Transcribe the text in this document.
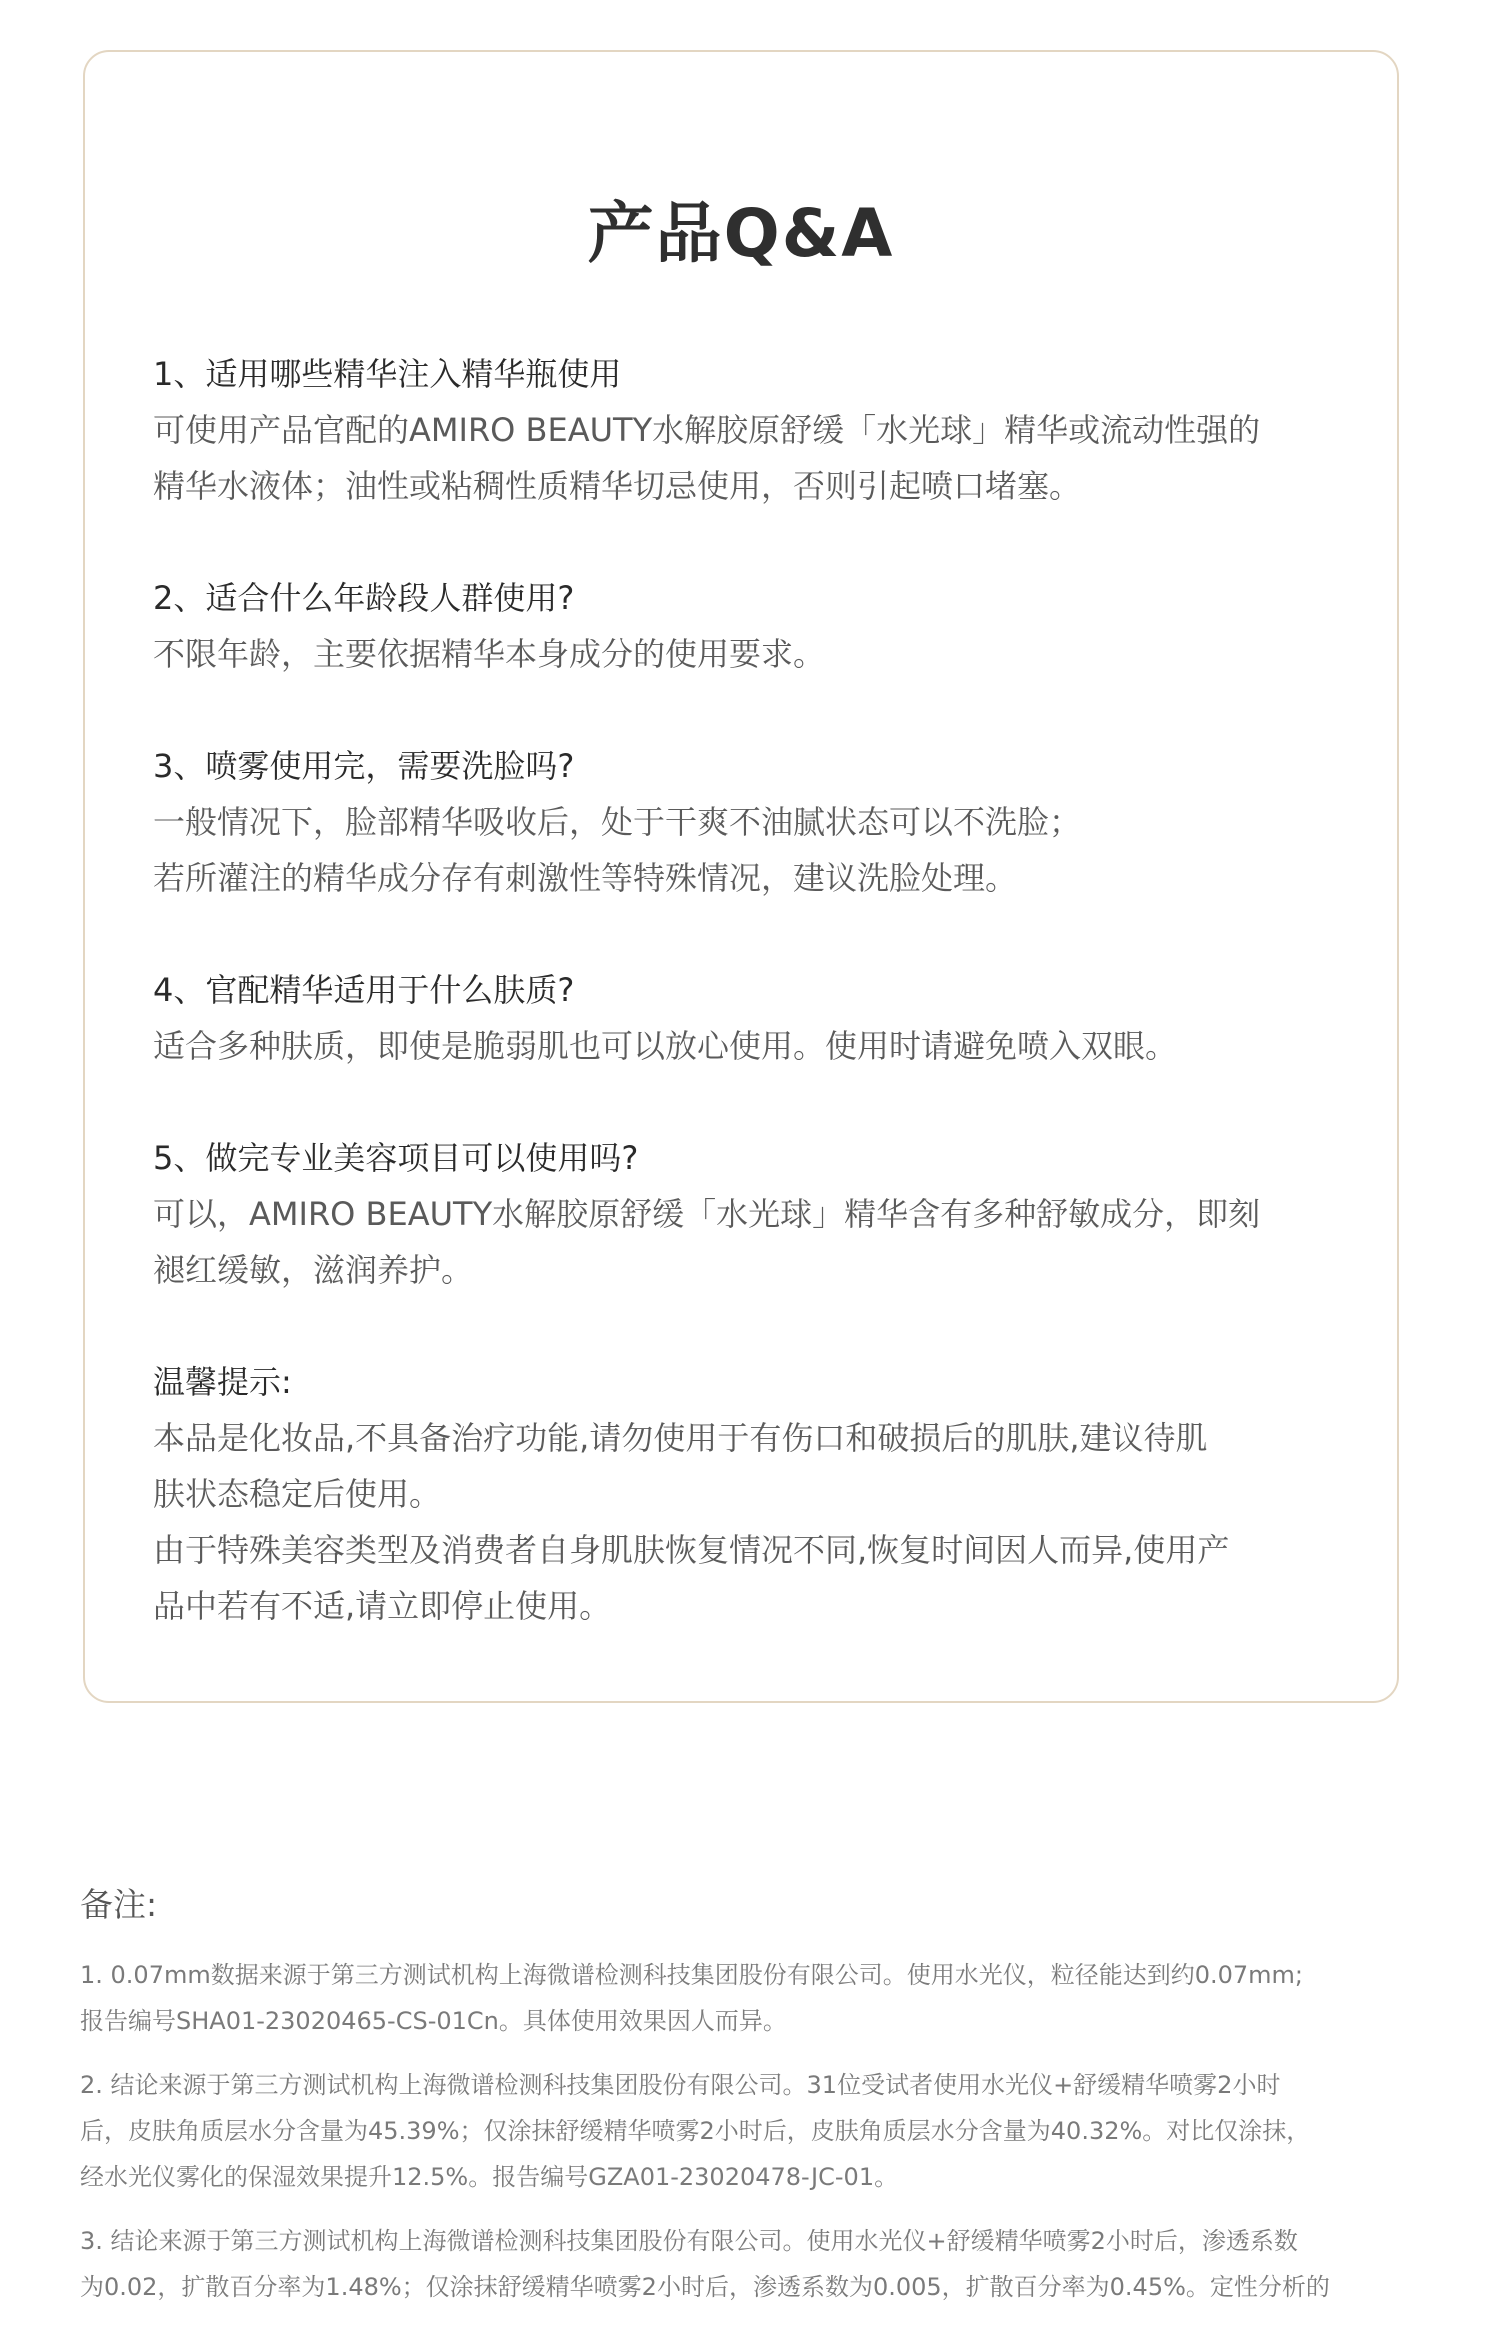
产品Q&A

1、适用哪些精华注入精华瓶使用

可使用产品官配的AMIRO BEAUTY水解胶原舒缓「水光球」精华或流动性强的

精华水液体；油性或粘稠性质精华切忌使用，否则引起喷口堵塞。

2、适合什么年龄段人群使用?

不限年龄，主要依据精华本身成分的使用要求。

3、喷雾使用完，需要洗脸吗?

一般情况下，脸部精华吸收后，处于干爽不油腻状态可以不洗脸；

若所灌注的精华成分存有刺激性等特殊情况，建议洗脸处理。

4、官配精华适用于什么肤质?

适合多种肤质，即使是脆弱肌也可以放心使用。使用时请避免喷入双眼。

5、做完专业美容项目可以使用吗?

可以，AMIRO BEAUTY水解胶原舒缓「水光球」精华含有多种舒敏成分，即刻

褪红缓敏，滋润养护。

温馨提示:

本品是化妆品,不具备治疗功能,请勿使用于有伤口和破损后的肌肤,建议待肌

肤状态稳定后使用。

由于特殊美容类型及消费者自身肌肤恢复情况不同,恢复时间因人而异,使用产

品中若有不适,请立即停止使用。

备注:

1. 0.07mm数据来源于第三方测试机构上海微谱检测科技集团股份有限公司。使用水光仪，粒径能达到约0.07mm;

报告编号SHA01-23020465-CS-01Cn。具体使用效果因人而异。

2. 结论来源于第三方测试机构上海微谱检测科技集团股份有限公司。31位受试者使用水光仪+舒缓精华喷雾2小时

后，皮肤角质层水分含量为45.39%；仅涂抹舒缓精华喷雾2小时后，皮肤角质层水分含量为40.32%。对比仅涂抹，

经水光仪雾化的保湿效果提升12.5%。报告编号GZA01-23020478-JC-01。

3. 结论来源于第三方测试机构上海微谱检测科技集团股份有限公司。使用水光仪+舒缓精华喷雾2小时后，渗透系数

为0.02，扩散百分率为1.48%；仅涂抹舒缓精华喷雾2小时后，渗透系数为0.005，扩散百分率为0.45%。定性分析的
